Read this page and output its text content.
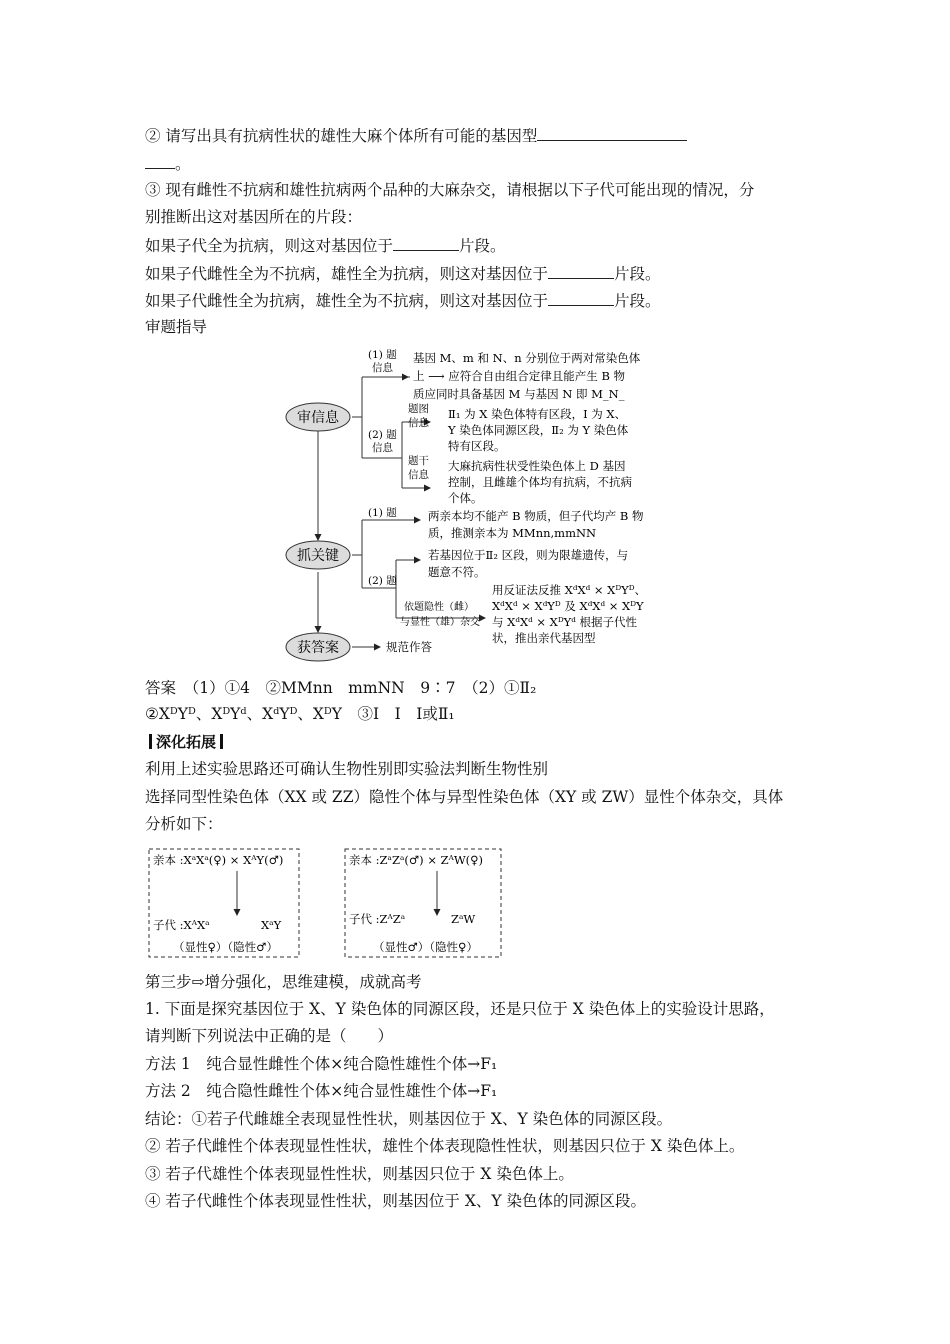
② 请写出具有抗病性状的雄性大麻个体所有可能的基因型
。
③ 现有雌性不抗病和雄性抗病两个品种的大麻杂交，请根据以下子代可能出现的情况，分
别推断出这对基因所在的片段：
如果子代全为抗病，则这对基因位于	片段。
如果子代雌性全为不抗病，雄性全为抗病，则这对基因位于	片段。
如果子代雌性全为抗病，雄性全为不抗病，则这对基因位于	片段。
审题指导
审信息
抓关键
获答案
(1) 题
信息
(2) 题
信息
题图
信息
题干
信息
(1) 题
(2) 题
依题隐性（雌）
与显性（雄）杂交
基因 M、m 和 N、n 分别位于两对常染色体
上 ⟶ 应符合自由组合定律且能产生 B 物
质应同时具备基因 M 与基因 N 即 M_N_
Ⅱ₁ 为 X 染色体特有区段，Ⅰ 为 X、
Y 染色体同源区段，Ⅱ₂ 为 Y 染色体
特有区段。
大麻抗病性状受性染色体上 D 基因
控制，且雌雄个体均有抗病，不抗病
个体。
两亲本均不能产 B 物质，但子代均产 B 物
质，推测亲本为 MMnn,mmNN
若基因位于Ⅱ₂ 区段，则为限雄遗传，与
题意不符。
用反证法反推 XᵈXᵈ × XᴰYᴰ、
XᵈXᵈ × XᵈYᴰ 及 XᵈXᵈ × XᴰY
与 XᵈXᵈ × XᴰYᵈ 根据子代性
状，推出亲代基因型
规范作答
答案　（1）①4　②MMnn　mmNN　9∶7　（2）①Ⅱ₂
②XᴰYᴰ、XᴰYᵈ、XᵈYᴰ、XᴰY　③Ⅰ　Ⅰ　Ⅰ或Ⅱ₁
深化拓展
利用上述实验思路还可确认生物性别即实验法判断生物性别
选择同型性染色体（XX 或 ZZ）隐性个体与异型性染色体（XY 或 ZW）显性个体杂交，具体
分析如下：
亲本 :XᵃXᵃ(♀) × XᴬY(♂)
子代 :XᴬXᵃ	XᵃY
（显性♀）（隐性♂）
亲本 :ZᵃZᵃ(♂) × ZᴬW(♀)
子代 :ZᴬZᵃ	ZᵃW
（显性♂）（隐性♀）
第三步⇨增分强化，思维建模，成就高考
1. 下面是探究基因位于 X、Y 染色体的同源区段，还是只位于 X 染色体上的实验设计思路，
请判断下列说法中正确的是（　　）
方法 1　纯合显性雌性个体×纯合隐性雄性个体→F₁
方法 2　纯合隐性雌性个体×纯合显性雄性个体→F₁
结论：①若子代雌雄全表现显性性状，则基因位于 X、Y 染色体的同源区段。
② 若子代雌性个体表现显性性状，雄性个体表现隐性性状，则基因只位于 X 染色体上。
③ 若子代雄性个体表现显性性状，则基因只位于 X 染色体上。
④ 若子代雌性个体表现显性性状，则基因位于 X、Y 染色体的同源区段。
